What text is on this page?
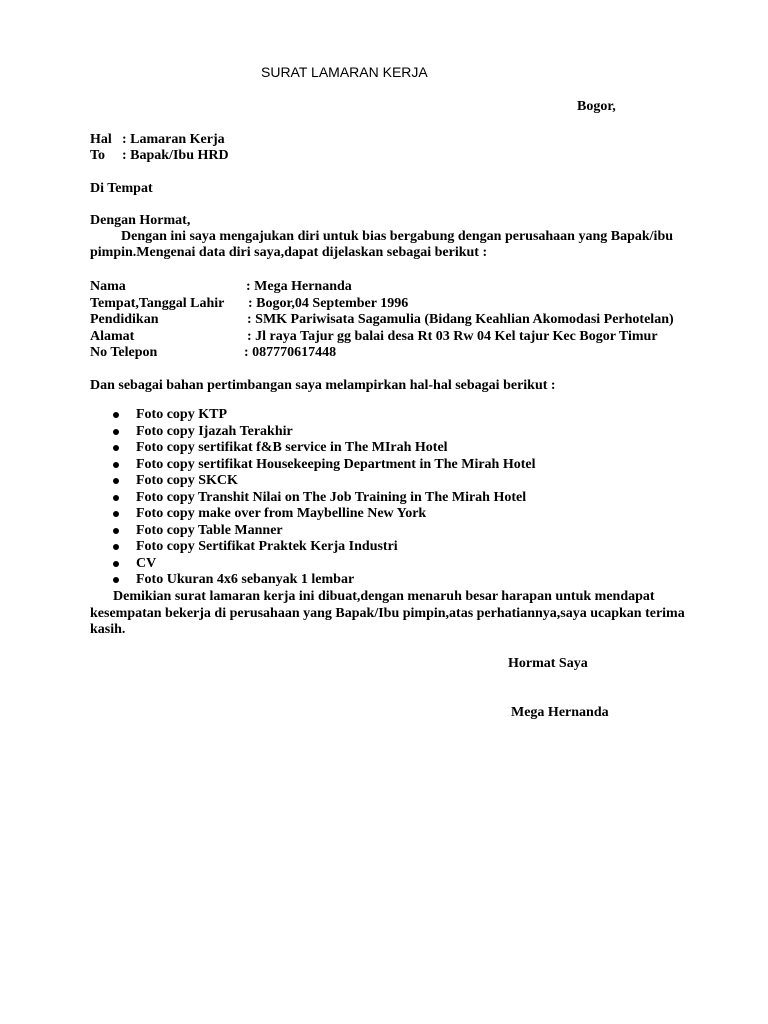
SURAT LAMARAN KERJA
Bogor,
Hal : Lamaran Kerja
To : Bapak/Ibu HRD
Di Tempat
Dengan Hormat,
Dengan ini saya mengajukan diri untuk bias bergabung dengan perusahaan yang Bapak/ibu
pimpin.Mengenai data diri saya,dapat dijelaskan sebagai berikut :
Nama	: Mega Hernanda
Tempat,Tanggal Lahir : Bogor,04 September 1996
Pendidikan	: SMK Pariwisata Sagamulia (Bidang Keahlian Akomodasi Perhotelan)
Alamat	: Jl raya Tajur gg balai desa Rt 03 Rw 04 Kel tajur Kec Bogor Timur
No Telepon	: 087770617448
Dan sebagai bahan pertimbangan saya melampirkan hal-hal sebagai berikut :
Foto copy KTP
Foto copy Ijazah Terakhir
Foto copy sertifikat f&B service in The MIrah Hotel
Foto copy sertifikat Housekeeping Department in The Mirah Hotel
Foto copy SKCK
Foto copy Transhit Nilai on The Job Training in The Mirah Hotel
Foto copy make over from Maybelline New York
Foto copy Table Manner
Foto copy Sertifikat Praktek Kerja Industri
CV
Foto Ukuran 4x6 sebanyak 1 lembar
Demikian surat lamaran kerja ini dibuat,dengan menaruh besar harapan untuk mendapat
kesempatan bekerja di perusahaan yang Bapak/Ibu pimpin,atas perhatiannya,saya ucapkan terima
kasih.
Hormat Saya
Mega Hernanda
